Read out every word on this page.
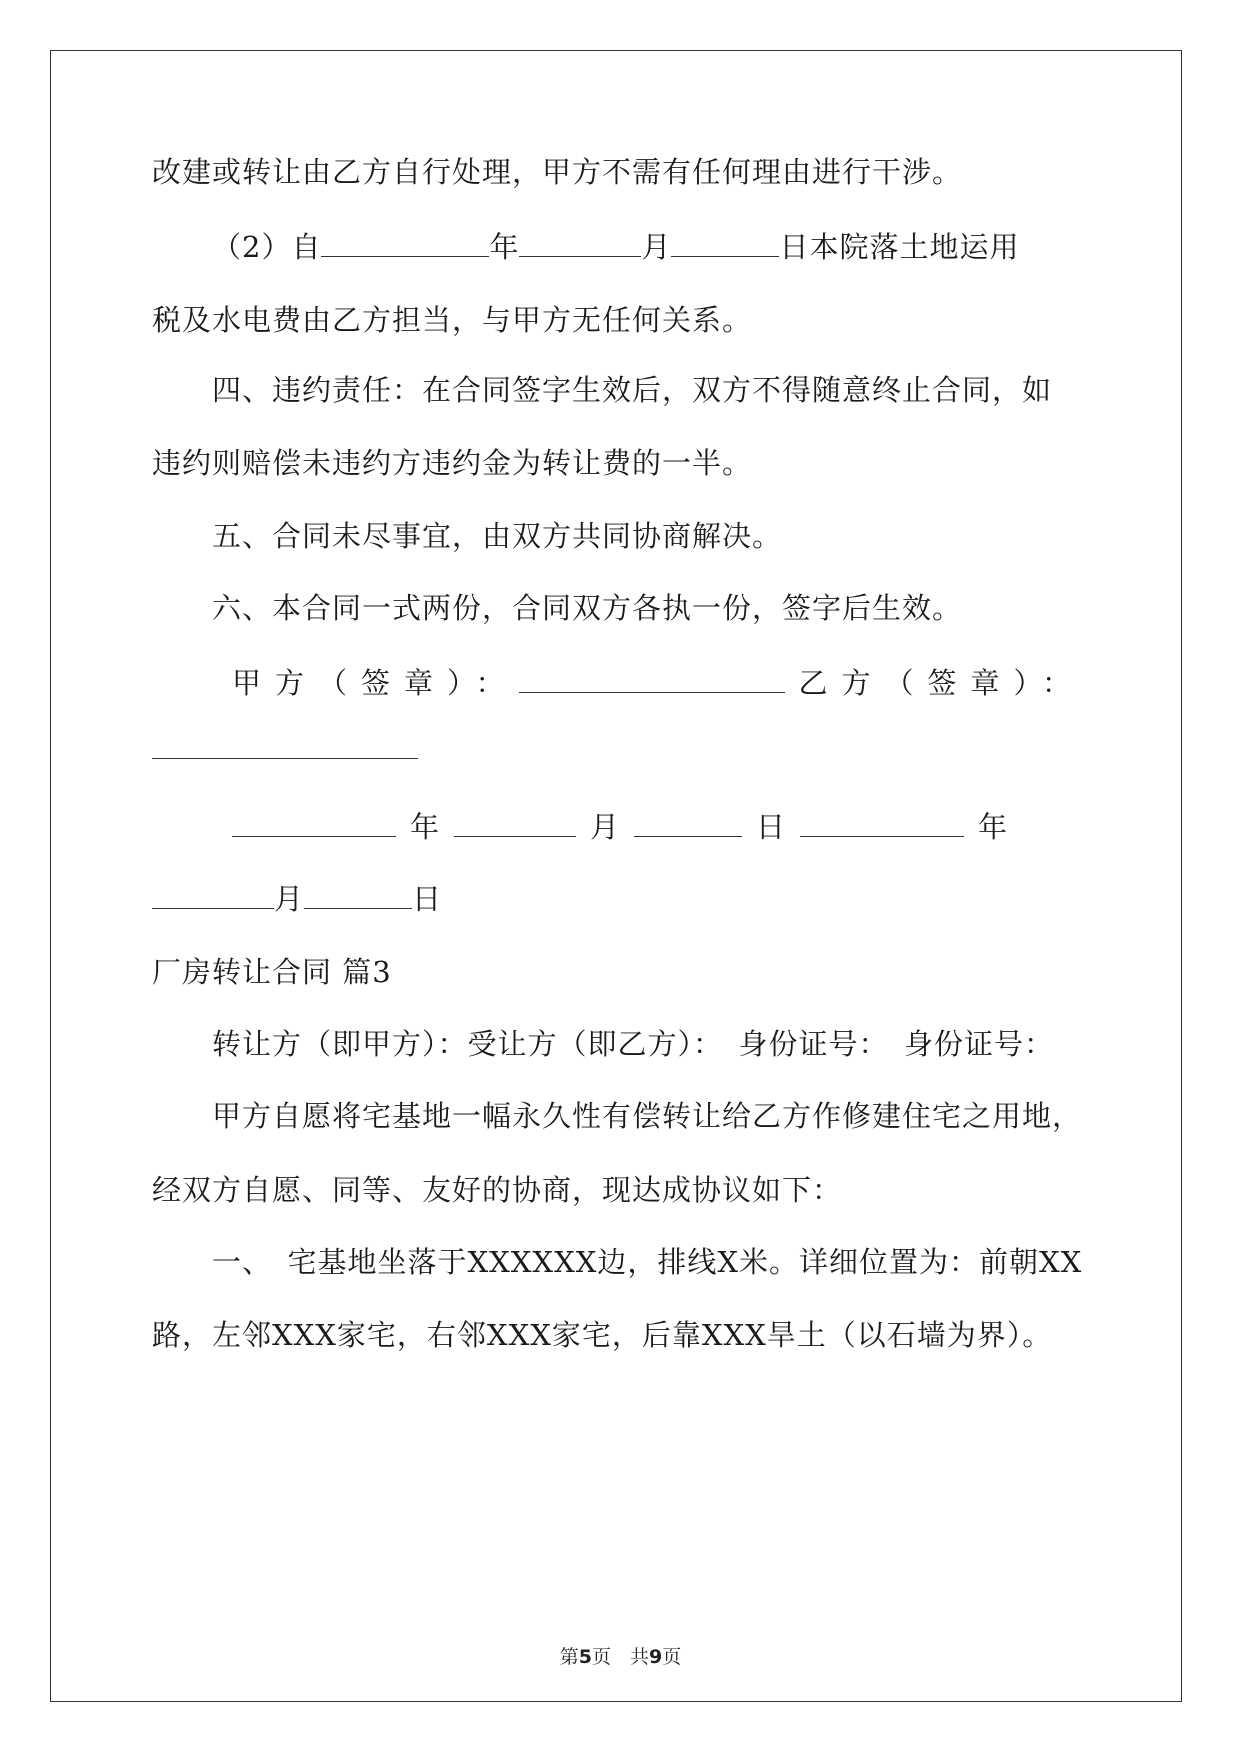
改建或转让由乙方自行处理，甲方不需有任何理由进行干涉。
（2）自	年	月	日本院落土地运用
税及水电费由乙方担当，与甲方无任何关系。
四、违约责任：在合同签字生效后，双方不得随意终止合同，如
违约则赔偿未违约方违约金为转让费的一半。
五、合同未尽事宜，由双方共同协商解决。
六、本合同一式两份，合同双方各执一份，签字后生效。
甲方（签章）：	乙方（签章）：
年	月	日	年
月	日
厂房转让合同 篇3
转让方（即甲方）：受让方（即乙方）：　身份证号：　身份证号：
甲方自愿将宅基地一幅永久性有偿转让给乙方作修建住宅之用地，
经双方自愿、同等、友好的协商，现达成协议如下：
一、　宅基地坐落于XXXXXX边，排线X米。详细位置为：前朝XX
路，左邻XXX家宅，右邻XXX家宅，后靠XXX旱土（以石墙为界）。
第5页　共9页
